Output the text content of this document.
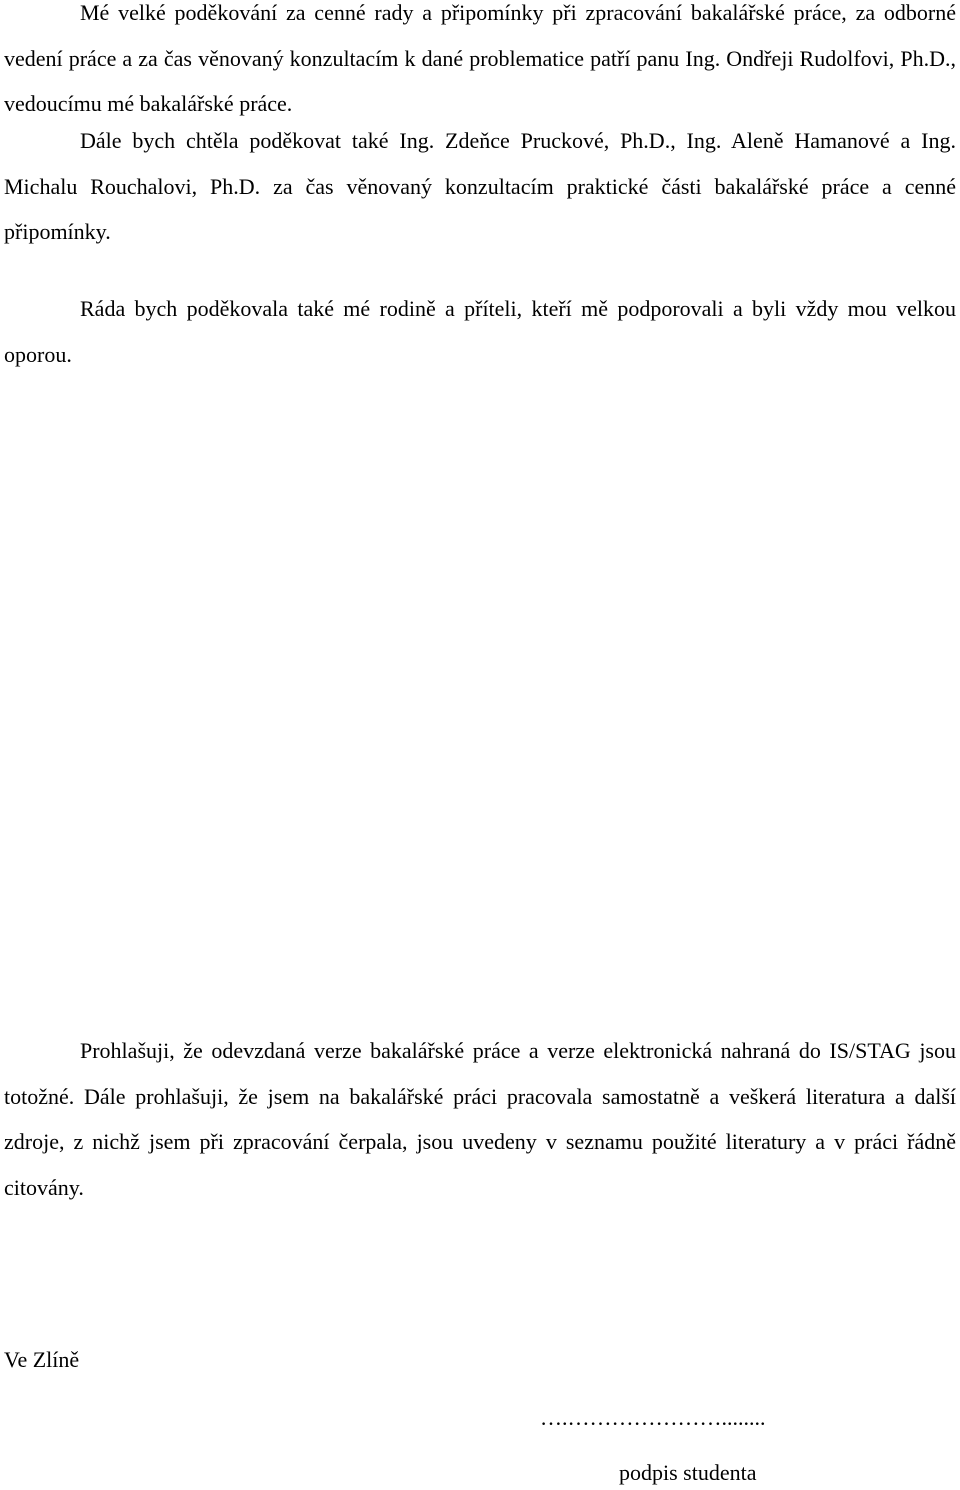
Mé velké poděkování za cenné rady a připomínky při zpracování bakalářské práce, za odborné vedení práce a za čas věnovaný konzultacím k dané problematice patří panu Ing. Ondřeji Rudolfovi, Ph.D., vedoucímu mé bakalářské práce.

Dále bych chtěla poděkovat také Ing. Zdeňce Pruckové, Ph.D., Ing. Aleně Hamanové a Ing. Michalu Rouchalovi, Ph.D. za čas věnovaný konzultacím praktické části bakalářské práce a cenné připomínky.

Ráda bych poděkovala také mé rodině a příteli, kteří mě podporovali a byli vždy mou velkou oporou.

Prohlašuji, že odevzdaná verze bakalářské práce a verze elektronická nahraná do IS/STAG jsou totožné. Dále prohlašuji, že jsem na bakalářské práci pracovala samostatně a veškerá literatura a další zdroje, z nichž jsem při zpracování čerpala, jsou uvedeny v seznamu použité literatury a v práci řádně citovány.

Ve Zlíně

….…………………........
podpis studenta
